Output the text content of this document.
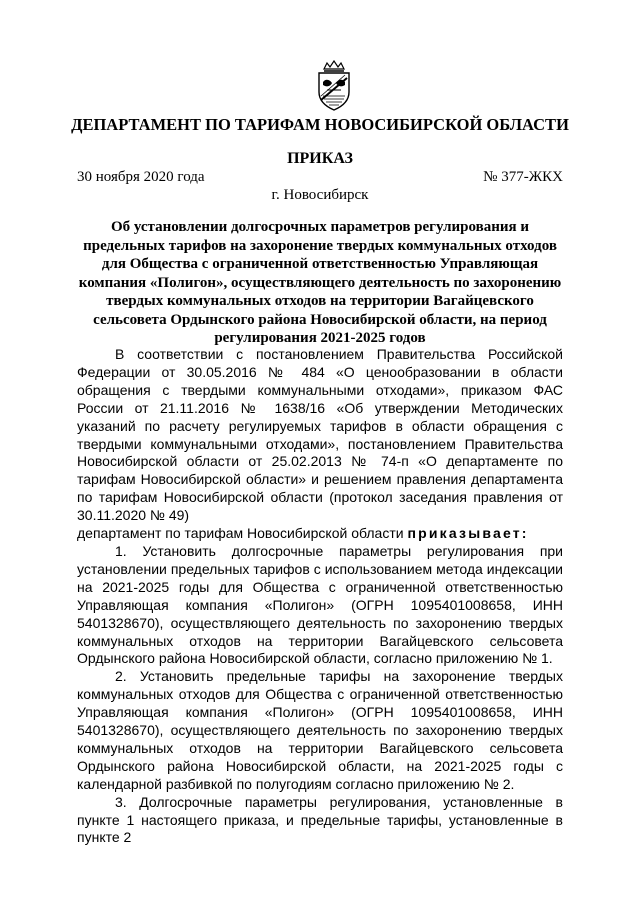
ДЕПАРТАМЕНТ ПО ТАРИФАМ НОВОСИБИРСКОЙ ОБЛАСТИ
ПРИКАЗ
30 ноября 2020 года	№ 377-ЖКХ
г. Новосибирск
Об установлении долгосрочных параметров регулирования и предельных тарифов на захоронение твердых коммунальных отходов для Общества с ограниченной ответственностью Управляющая компания «Полигон», осуществляющего деятельность по захоронению твердых коммунальных отходов на территории Вагайцевского сельсовета Ордынского района Новосибирской области, на период регулирования 2021-2025 годов

В соответствии с постановлением Правительства Российской Федерации от 30.05.2016 № 484 «О ценообразовании в области обращения с твердыми коммунальными отходами», приказом ФАС России от 21.11.2016 № 1638/16 «Об утверждении Методических указаний по расчету регулируемых тарифов в области обращения с твердыми коммунальными отходами», постановлением Правительства Новосибирской области от 25.02.2013 № 74-п «О департаменте по тарифам Новосибирской области» и решением правления департамента по тарифам Новосибирской области (протокол заседания правления от 30.11.2020 № 49)

департамент по тарифам Новосибирской области приказывает:

1. Установить долгосрочные параметры регулирования при установлении предельных тарифов с использованием метода индексации на 2021-2025 годы для Общества с ограниченной ответственностью Управляющая компания «Полигон» (ОГРН 1095401008658, ИНН 5401328670), осуществляющего деятельность по захоронению твердых коммунальных отходов на территории Вагайцевского сельсовета Ордынского района Новосибирской области, согласно приложению № 1.

2. Установить предельные тарифы на захоронение твердых коммунальных отходов для Общества с ограниченной ответственностью Управляющая компания «Полигон» (ОГРН 1095401008658, ИНН 5401328670), осуществляющего деятельность по захоронению твердых коммунальных отходов на территории Вагайцевского сельсовета Ордынского района Новосибирской области, на 2021-2025 годы с календарной разбивкой по полугодиям согласно приложению № 2.

3. Долгосрочные параметры регулирования, установленные в пункте 1 настоящего приказа, и предельные тарифы, установленные в пункте 2
